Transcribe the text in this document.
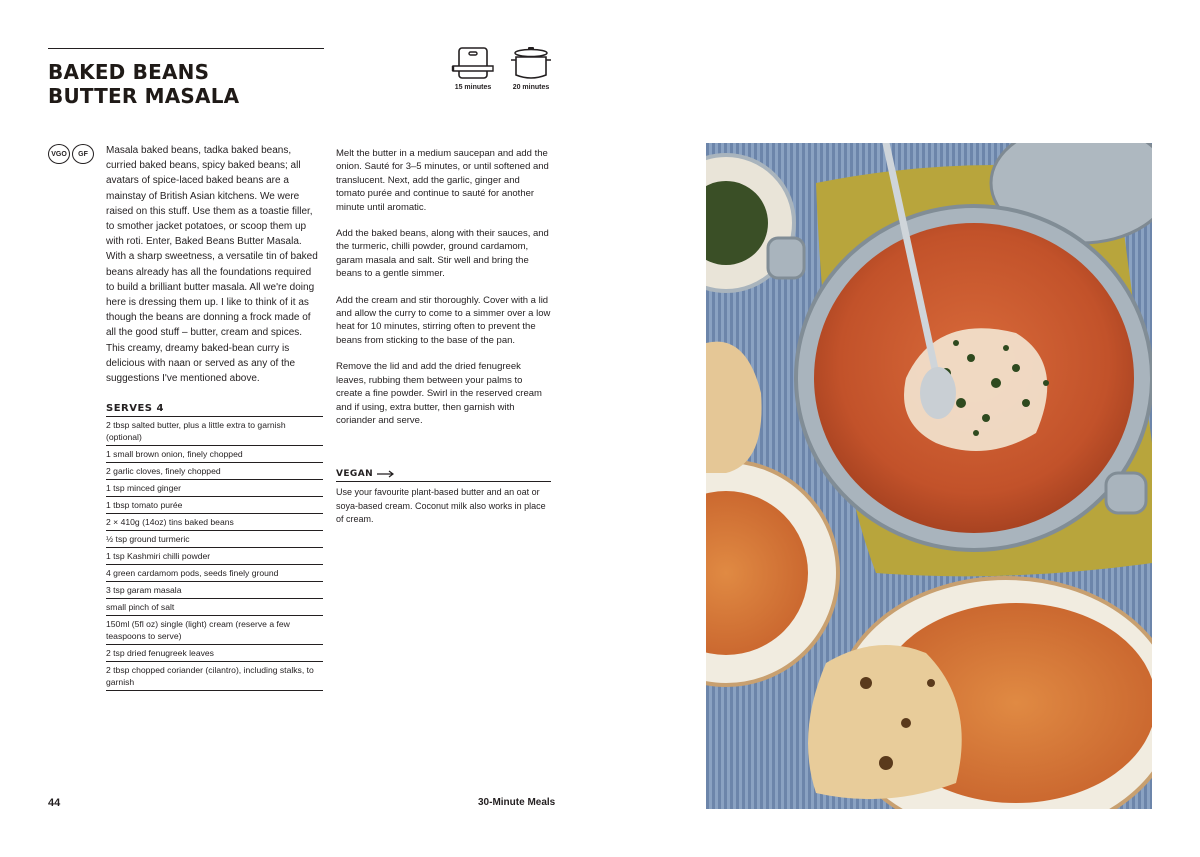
BAKED BEANS
BUTTER MASALA	15 minutes	20 minutes
VGO	GF	Masala baked beans, tadka baked beans, curried baked beans, spicy baked beans; all avatars of spice-laced baked beans are a mainstay of British Asian kitchens. We were raised on this stuff. Use them as a toastie filler, to smother jacket potatoes, or scoop them up with roti. Enter, Baked Beans Butter Masala. With a sharp sweetness, a versatile tin of baked beans already has all the foundations required to build a brilliant butter masala. All we're doing here is dressing them up. I like to think of it as though the beans are donning a frock made of all the good stuff – butter, cream and spices. This creamy, dreamy baked-bean curry is delicious with naan or served as any of the suggestions I've mentioned above.

SERVES 4
2 tbsp salted butter, plus a little extra to garnish (optional)
1 small brown onion, finely chopped
2 garlic cloves, finely chopped
1 tsp minced ginger
1 tbsp tomato purée
2 × 410g (14oz) tins baked beans
½ tsp ground turmeric
1 tsp Kashmiri chilli powder
4 green cardamom pods, seeds finely ground
3 tsp garam masala
small pinch of salt
150ml (5fl oz) single (light) cream (reserve a few teaspoons to serve)
2 tsp dried fenugreek leaves
2 tbsp chopped coriander (cilantro), including stalks, to garnish

Melt the butter in a medium saucepan and add the onion. Sauté for 3–5 minutes, or until softened and translucent. Next, add the garlic, ginger and tomato purée and continue to sauté for another minute until aromatic.

Add the baked beans, along with their sauces, and the turmeric, chilli powder, ground cardamom, garam masala and salt. Stir well and bring the beans to a gentle simmer.

Add the cream and stir thoroughly. Cover with a lid and allow the curry to come to a simmer over a low heat for 10 minutes, stirring often to prevent the beans from sticking to the base of the pan.

Remove the lid and add the dried fenugreek leaves, rubbing them between your palms to create a fine powder. Swirl in the reserved cream and if using, extra butter, then garnish with coriander and serve.

VEGAN

Use your favourite plant-based butter and an oat or soya-based cream. Coconut milk also works in place of cream.

44	30-Minute Meals
